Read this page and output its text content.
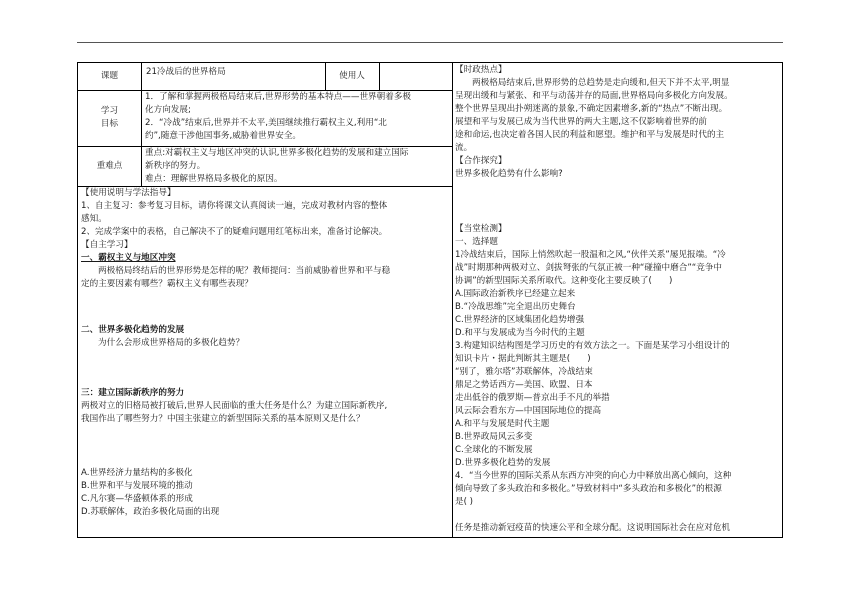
课题	21冷战后的世界格局	使用人
学习目标
1．了解和掌握两极格局结束后,世界形势的基本特点——世界朝着多极
化方向发展;
2．“冷战”结束后,世界并不太平,美国继续推行霸权主义,利用“北
约”,随意干涉他国事务,威胁着世界安全。
重难点
重点:对霸权主义与地区冲突的认识,世界多极化趋势的发展和建立国际
新秩序的努力。
难点：理解世界格局多极化的原因。
【使用说明与学法指导】
1、自主复习：参考复习目标，请你将课文认真阅读一遍，完成对教材内容的整体
感知。
2、完成学案中的表格，自己解决不了的疑难问题用红笔标出来，准备讨论解决。
【自主学习】
一、霸权主义与地区冲突
两极格局终结后的世界形势是怎样的呢？教师提问：当前威胁着世界和平与稳
定的主要因素有哪些？霸权主义有哪些表现？
二、世界多极化趋势的发展
为什么会形成世界格局的多极化趋势？
三：建立国际新秩序的努力
两极对立的旧格局被打破后,世界人民面临的重大任务是什么？为建立国际新秩序,
我国作出了哪些努力？中国主张建立的新型国际关系的基本原则又是什么？
A.世界经济力量结构的多极化
B.世界和平与发展环境的推动
C.凡尔赛—华盛顿体系的形成
D.苏联解体，政治多极化局面的出现
【时政热点】
两极格局结束后,世界形势的总趋势是走向缓和,但天下并不太平,明显
呈现出缓和与紧张、和平与动荡并存的局面,世界格局向多极化方向发展。
整个世界呈现出扑朔迷离的景象,不确定因素增多,新的“热点”不断出现。
展望和平与发展已成为当代世界的两大主题,这不仅影响着世界的前
途和命运,也决定着各国人民的利益和愿望。维护和平与发展是时代的主
流。
【合作探究】
世界多极化趋势有什么影响?
【当堂检测】
一、选择题
1冷战结束后，国际上悄然吹起一股温和之风,“伙伴关系”屡见报端。“冷
战”时期那种两极对立、剑拔弩张的气氛正被一种“碰撞中磨合”“竞争中
协调”的新型国际关系所取代。这种变化主要反映了(　　)
A.国际政治新秩序已经建立起来
B.“冷战思维”完全退出历史舞台
C.世界经济的区域集团化趋势增强
D.和平与发展成为当今时代的主题
3.构建知识结构图是学习历史的有效方法之一。下面是某学习小组设计的
知识卡片・据此判断其主题是(　　)
“别了，雅尔塔”苏联解体，冷战结束
鼎足之势话西方—美国、欧盟、日本
走出低谷的俄罗斯—普京出手不凡的举措
风云际会看东方—中国国际地位的提高
A.和平与发展是时代主题
B.世界政局风云多变
C.全球化的不断发展
D.世界多极化趋势的发展
4．“当今世界的国际关系从东西方冲突的向心力中释放出离心倾向，这种
倾向导致了多头政治和多极化。”导致材料中“多头政治和多极化”的根源
是( )
任务是推动新冠疫苗的快速公平和全球分配。这说明国际社会在应对危机
